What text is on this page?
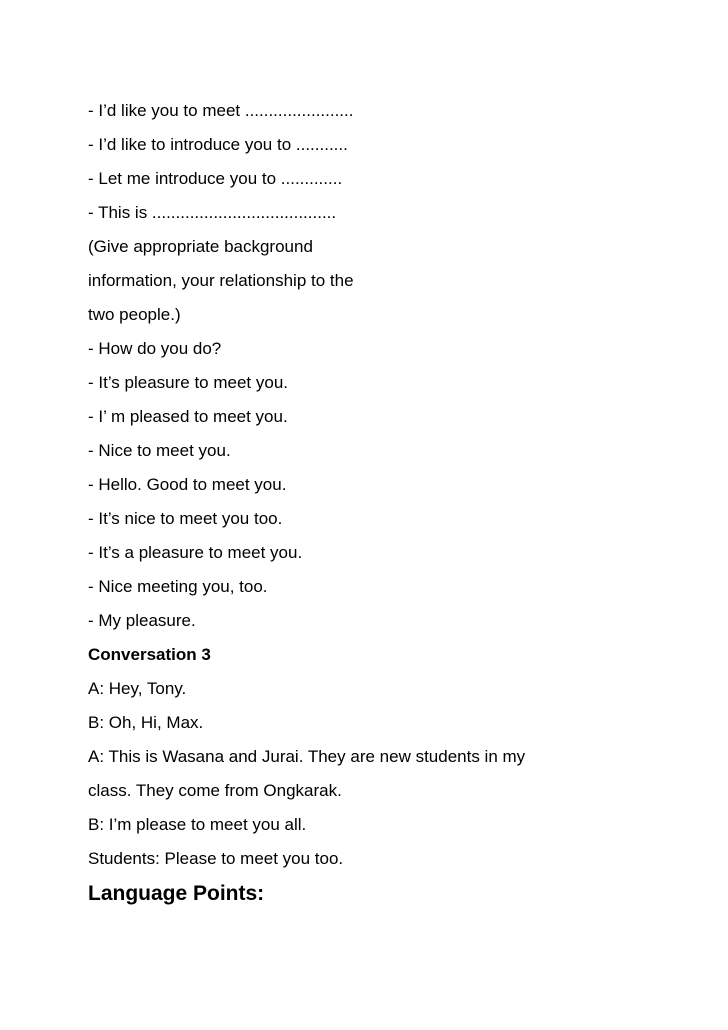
- I’d like you to meet .......................
- I’d like to introduce you to ...........
- Let me introduce you to .............
- This is .......................................
(Give appropriate background
information, your relationship to the
two people.)
- How do you do?
- It’s pleasure to meet you.
- I’ m pleased to meet you.
- Nice to meet you.
- Hello. Good to meet you.
- It’s nice to meet you too.
- It’s a pleasure to meet you.
- Nice meeting you, too.
- My pleasure.
Conversation 3
A: Hey, Tony.
B: Oh, Hi, Max.
A: This is Wasana and Jurai. They are new students in my
class. They come from Ongkarak.
B: I’m please to meet you all.
Students: Please to meet you too.
Language Points:
